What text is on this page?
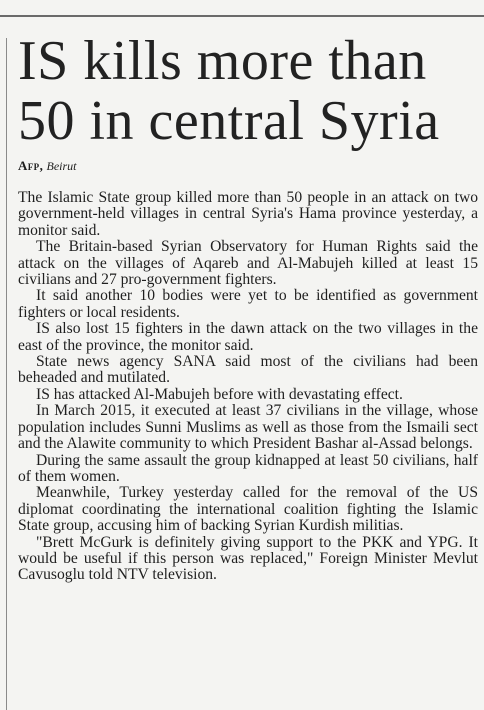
IS kills more than
50 in central Syria
Afp, Beirut

The Islamic State group killed more than 50 people in an attack on two government-held villages in central Syria's Hama province yesterday, a monitor said.

The Britain-based Syrian Observatory for Human Rights said the attack on the villages of Aqareb and Al-Mabujeh killed at least 15 civilians and 27 pro-government fighters.

It said another 10 bodies were yet to be identified as government fighters or local residents.

IS also lost 15 fighters in the dawn attack on the two villages in the east of the province, the monitor said.

State news agency SANA said most of the civilians had been beheaded and mutilated.

IS has attacked Al-Mabujeh before with devastating effect.

In March 2015, it executed at least 37 civilians in the village, whose population includes Sunni Muslims as well as those from the Ismaili sect and the Alawite community to which President Bashar al-Assad belongs.

During the same assault the group kidnapped at least 50 civilians, half of them women.

Meanwhile, Turkey yesterday called for the removal of the US diplomat coordinating the international coalition fighting the Islamic State group, accusing him of backing Syrian Kurdish militias.

"Brett McGurk is definitely giving support to the PKK and YPG. It would be useful if this person was replaced," Foreign Minister Mevlut Cavusoglu told NTV television.
